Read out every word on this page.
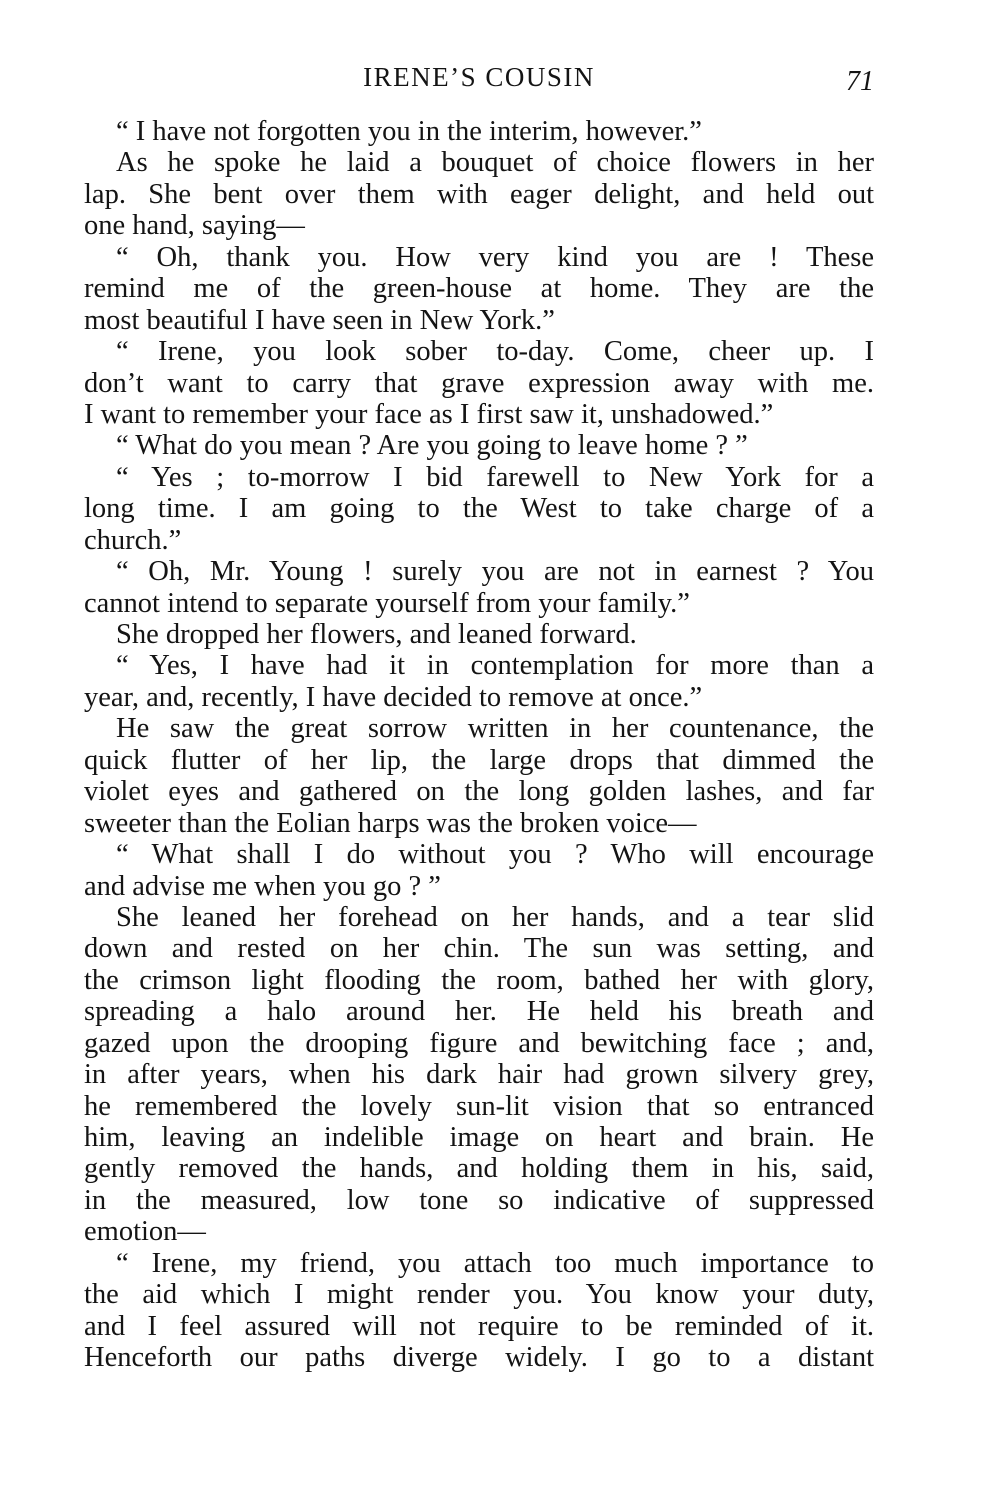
IRENE’S COUSIN	71
“ I have not forgotten you in the interim, however.”
As he spoke he laid a bouquet of choice flowers in her
lap. She bent over them with eager delight, and held out
one hand, saying—
“ Oh, thank you. How very kind you are ! These
remind me of the green-house at home. They are the
most beautiful I have seen in New York.”
“ Irene, you look sober to-day. Come, cheer up. I
don’t want to carry that grave expression away with me.
I want to remember your face as I first saw it, unshadowed.”
“ What do you mean ? Are you going to leave home ? ”
“ Yes ; to-morrow I bid farewell to New York for a
long time. I am going to the West to take charge of a
church.”
“ Oh, Mr. Young ! surely you are not in earnest ? You
cannot intend to separate yourself from your family.”
She dropped her flowers, and leaned forward.
“ Yes, I have had it in contemplation for more than a
year, and, recently, I have decided to remove at once.”
He saw the great sorrow written in her countenance, the
quick flutter of her lip, the large drops that dimmed the
violet eyes and gathered on the long golden lashes, and far
sweeter than the Eolian harps was the broken voice—
“ What shall I do without you ? Who will encourage
and advise me when you go ? ”
She leaned her forehead on her hands, and a tear slid
down and rested on her chin. The sun was setting, and
the crimson light flooding the room, bathed her with glory,
spreading a halo around her. He held his breath and
gazed upon the drooping figure and bewitching face ; and,
in after years, when his dark hair had grown silvery grey,
he remembered the lovely sun-lit vision that so entranced
him, leaving an indelible image on heart and brain. He
gently removed the hands, and holding them in his, said,
in the measured, low tone so indicative of suppressed
emotion—
“ Irene, my friend, you attach too much importance to
the aid which I might render you. You know your duty,
and I feel assured will not require to be reminded of it.
Henceforth our paths diverge widely. I go to a distant
